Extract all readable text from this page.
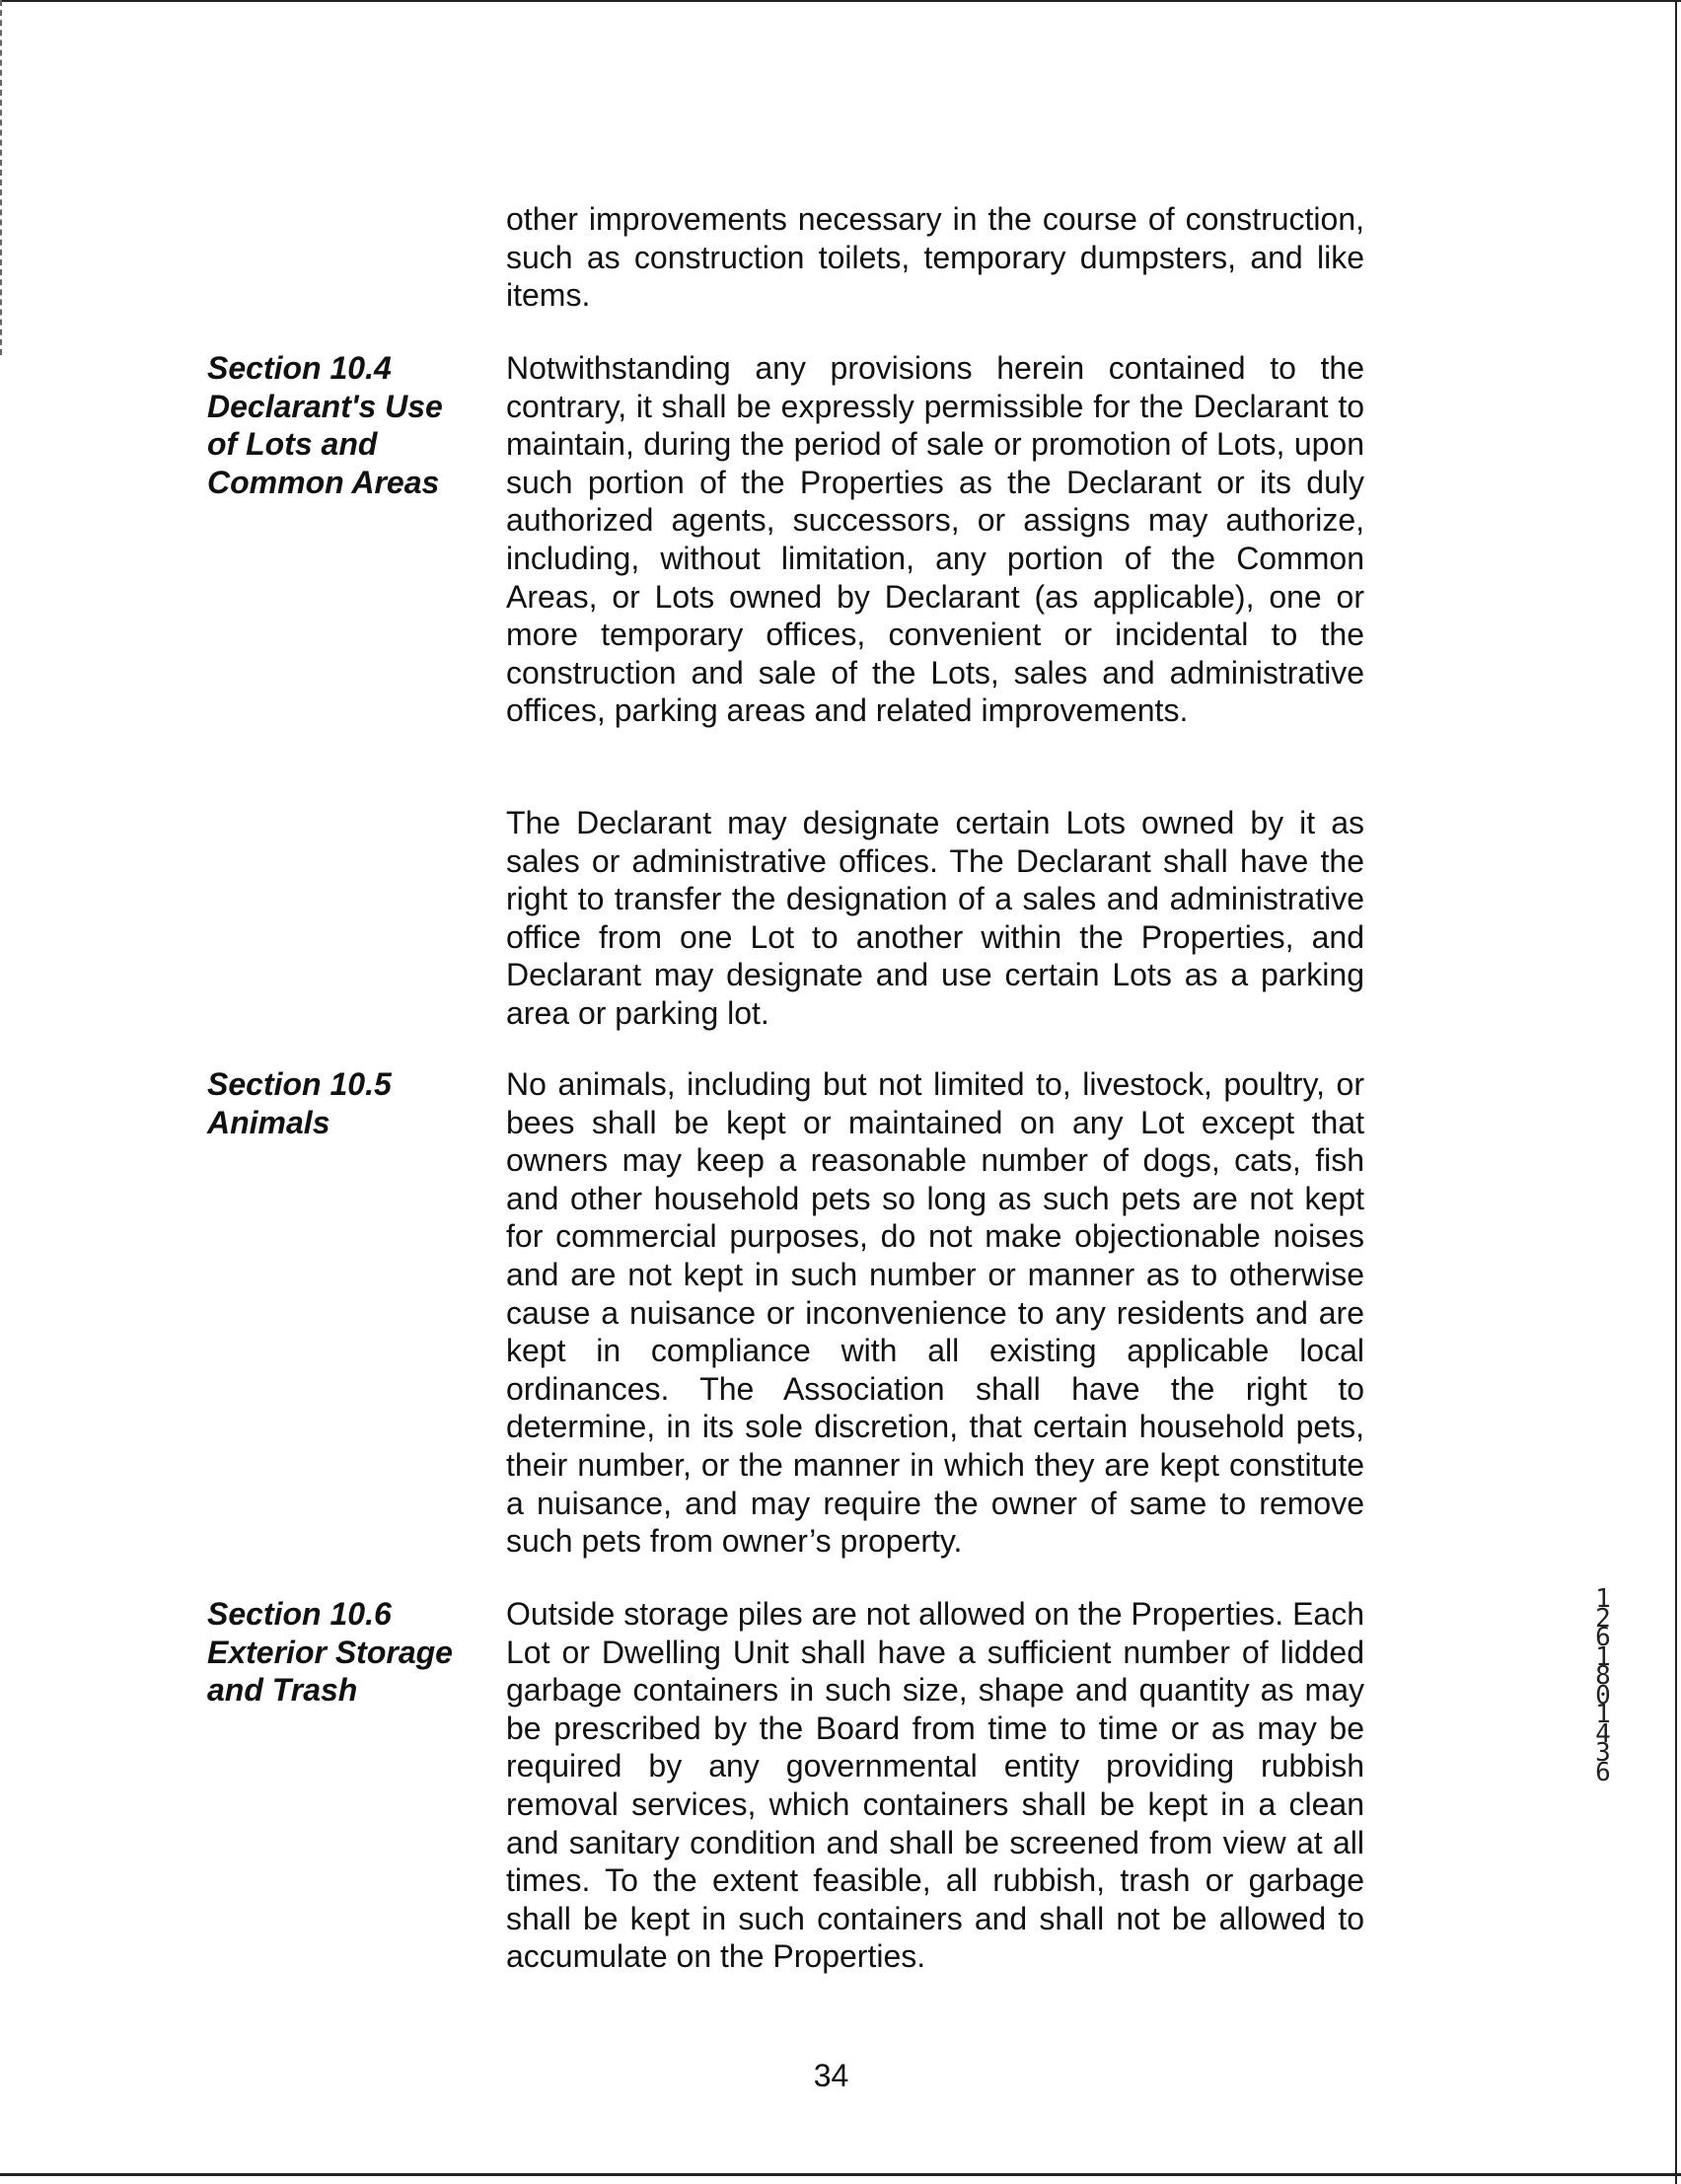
other improvements necessary in the course of construction, such as construction toilets, temporary dumpsters, and like items.

Section 10.4
Declarant's Use
of Lots and
Common Areas

Notwithstanding any provisions herein contained to the contrary, it shall be expressly permissible for the Declarant to maintain, during the period of sale or promotion of Lots, upon such portion of the Properties as the Declarant or its duly authorized agents, successors, or assigns may authorize, including, without limitation, any portion of the Common Areas, or Lots owned by Declarant (as applicable), one or more temporary offices, convenient or incidental to the construction and sale of the Lots, sales and administrative offices, parking areas and related improvements.

The Declarant may designate certain Lots owned by it as sales or administrative offices. The Declarant shall have the right to transfer the designation of a sales and administrative office from one Lot to another within the Properties, and Declarant may designate and use certain Lots as a parking area or parking lot.

Section 10.5
Animals

No animals, including but not limited to, livestock, poultry, or bees shall be kept or maintained on any Lot except that owners may keep a reasonable number of dogs, cats, fish and other household pets so long as such pets are not kept for commercial purposes, do not make objectionable noises and are not kept in such number or manner as to otherwise cause a nuisance or inconvenience to any residents and are kept in compliance with all existing applicable local ordinances. The Association shall have the right to determine, in its sole discretion, that certain household pets, their number, or the manner in which they are kept constitute a nuisance, and may require the owner of same to remove such pets from owner’s property.

Section 10.6
Exterior Storage
and Trash

Outside storage piles are not allowed on the Properties. Each Lot or Dwelling Unit shall have a sufficient number of lidded garbage containers in such size, shape and quantity as may be prescribed by the Board from time to time or as may be required by any governmental entity providing rubbish removal services, which containers shall be kept in a clean and sanitary condition and shall be screened from view at all times. To the extent feasible, all rubbish, trash or garbage shall be kept in such containers and shall not be allowed to accumulate on the Properties.

12618 01436
34
